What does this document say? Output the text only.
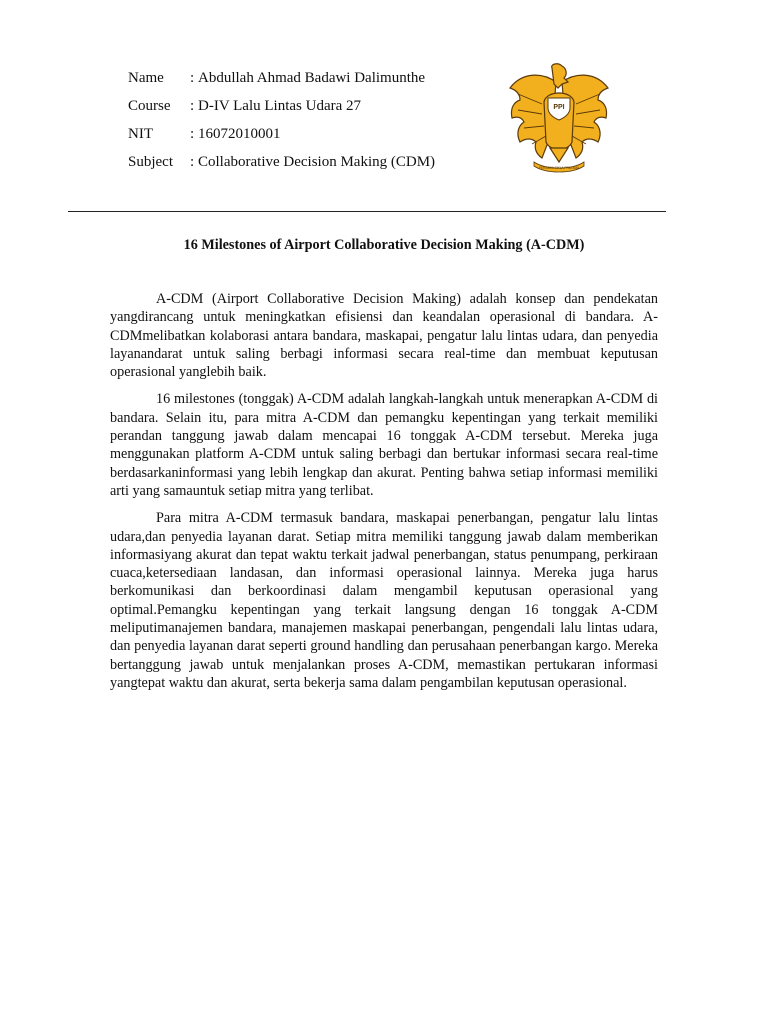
Name	: Abdullah Ahmad Badawi Dalimunthe
Course	: D-IV Lalu Lintas Udara 27
NIT	: 16072010001
Subject	: Collaborative Decision Making (CDM)
PPI
PERSADA SIKLA PRATAMA
16 Milestones of Airport Collaborative Decision Making (A-CDM)

A-CDM (Airport Collaborative Decision Making) adalah konsep dan pendekatan yangdirancang untuk meningkatkan efisiensi dan keandalan operasional di bandara. A-CDMmelibatkan kolaborasi antara bandara, maskapai, pengatur lalu lintas udara, dan penyedia layanandarat untuk saling berbagi informasi secara real-time dan membuat keputusan operasional yanglebih baik.

16 milestones (tonggak) A-CDM adalah langkah-langkah untuk menerapkan A-CDM di bandara. Selain itu, para mitra A-CDM dan pemangku kepentingan yang terkait memiliki perandan tanggung jawab dalam mencapai 16 tonggak A-CDM tersebut. Mereka juga menggunakan platform A-CDM untuk saling berbagi dan bertukar informasi secara real-time berdasarkaninformasi yang lebih lengkap dan akurat. Penting bahwa setiap informasi memiliki arti yang samauntuk setiap mitra yang terlibat.

Para mitra A-CDM termasuk bandara, maskapai penerbangan, pengatur lalu lintas udara,dan penyedia layanan darat. Setiap mitra memiliki tanggung jawab dalam memberikan informasiyang akurat dan tepat waktu terkait jadwal penerbangan, status penumpang, perkiraan cuaca,ketersediaan landasan, dan informasi operasional lainnya. Mereka juga harus berkomunikasi dan berkoordinasi dalam mengambil keputusan operasional yang optimal.Pemangku kepentingan yang terkait langsung dengan 16 tonggak A-CDM meliputimanajemen bandara, manajemen maskapai penerbangan, pengendali lalu lintas udara, dan penyedia layanan darat seperti ground handling dan perusahaan penerbangan kargo. Mereka bertanggung jawab untuk menjalankan proses A-CDM, memastikan pertukaran informasi yangtepat waktu dan akurat, serta bekerja sama dalam pengambilan keputusan operasional.
